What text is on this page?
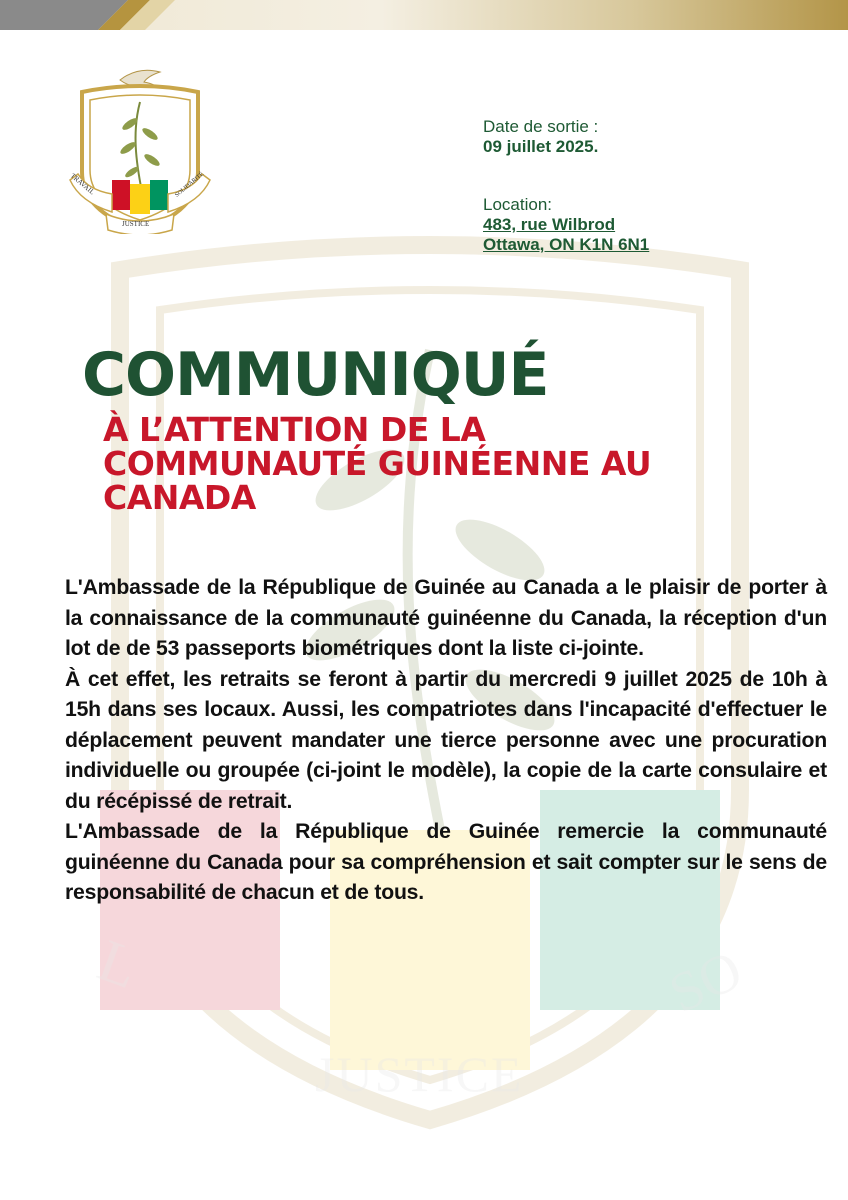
L
JUSTICE
SO
TRAVAIL
JUSTICE
SOLIDARITÉ
Date de sortie :
09 juillet 2025.
Location:
483, rue Wilbrod
Ottawa, ON K1N 6N1
COMMUNIQUÉ
À L’ATTENTION DE LA
COMMUNAUTÉ GUINÉENNE AU
CANADA

L'Ambassade de la République de Guinée au Canada a le plaisir de porter à la connaissance de la communauté guinéenne du Canada, la réception d'un lot de de 53 passeports biométriques dont la liste ci-jointe.

À cet effet, les retraits se feront à partir du mercredi 9 juillet 2025 de 10h à 15h dans ses locaux. Aussi, les compatriotes dans l'incapacité d'effectuer le déplacement peuvent mandater une tierce personne avec une procuration individuelle ou groupée (ci-joint le modèle), la copie de la carte consulaire et du récépissé de retrait.

L'Ambassade de la République de Guinée remercie la communauté guinéenne du Canada pour sa compréhension et sait compter sur le sens de responsabilité de chacun et de tous.
